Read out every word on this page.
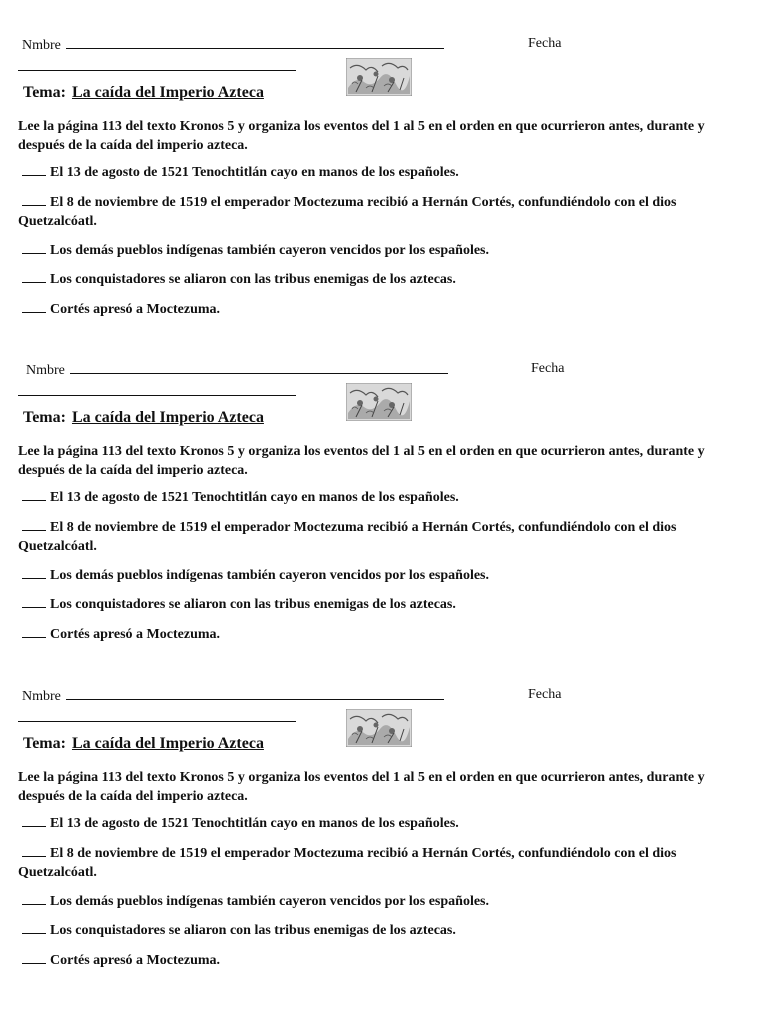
Nmbre	Fecha
Tema: La caída del Imperio Azteca
Lee la página 113 del texto Kronos 5 y organiza los eventos del 1 al 5 en el orden en que ocurrieron antes, durante y después de la caída del imperio azteca.
El 13 de agosto de 1521 Tenochtitlán cayo en manos de los españoles.
El 8 de noviembre de 1519 el emperador Moctezuma recibió a Hernán Cortés, confundiéndolo con el dios Quetzalcóatl.
Los demás pueblos indígenas también cayeron vencidos por los españoles.
Los conquistadores se aliaron con las tribus enemigas de los aztecas.
Cortés apresó a Moctezuma.
Nmbre	Fecha
Tema: La caída del Imperio Azteca
Lee la página 113 del texto Kronos 5 y organiza los eventos del 1 al 5 en el orden en que ocurrieron antes, durante y después de la caída del imperio azteca.
El 13 de agosto de 1521 Tenochtitlán cayo en manos de los españoles.
El 8 de noviembre de 1519 el emperador Moctezuma recibió a Hernán Cortés, confundiéndolo con el dios Quetzalcóatl.
Los demás pueblos indígenas también cayeron vencidos por los españoles.
Los conquistadores se aliaron con las tribus enemigas de los aztecas.
Cortés apresó a Moctezuma.
Nmbre	Fecha
Tema: La caída del Imperio Azteca
Lee la página 113 del texto Kronos 5 y organiza los eventos del 1 al 5 en el orden en que ocurrieron antes, durante y después de la caída del imperio azteca.
El 13 de agosto de 1521 Tenochtitlán cayo en manos de los españoles.
El 8 de noviembre de 1519 el emperador Moctezuma recibió a Hernán Cortés, confundiéndolo con el dios Quetzalcóatl.
Los demás pueblos indígenas también cayeron vencidos por los españoles.
Los conquistadores se aliaron con las tribus enemigas de los aztecas.
Cortés apresó a Moctezuma.
